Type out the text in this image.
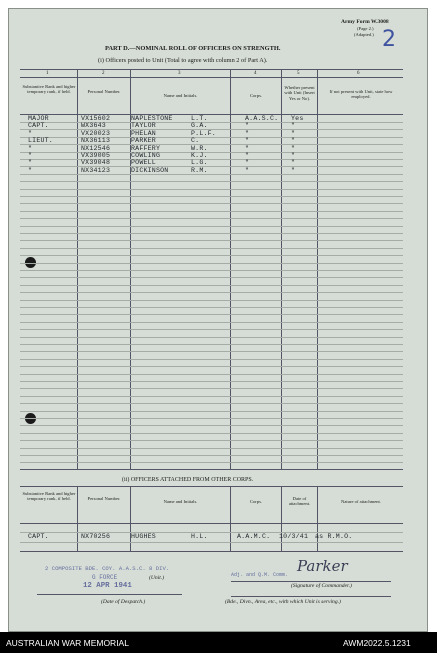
Army Form W.3008
(Page 2.)
(Adapted.) 2
PART D.—NOMINAL ROLL OF OFFICERS ON STRENGTH.
(i) Officers posted to Unit (Total to agree with column 2 of Part A).
1	2	3	4	5	6
Substantive Rank and higher temporary rank, if held.	Personal Number.
Name and Initials.	Corps.
Whether present with Unit (Insert Yes or No).
If not present with Unit, state how employed.
MAJOR	VX15602	NAPLESTONE	L.T.	A.A.S.C. Yes
CAPT.	WX3643	TAYLOR	G.A.	"	"
"	VX20023	PHELAN	P.L.F.	"	"
LIEUT.	NX36113	PARKER	C.	"	"
"	NX12546	RAFFERY	W.R.	"	"
"	VX39005	COWLING	K.J.	"	"
"	VX39048	POWELL	L.G.	"	"
"	NX34123	DICKINSON	R.M.	"	"
(ii) OFFICERS ATTACHED FROM OTHER CORPS.
Substantive Rank and higher temporary rank, if held.	Personal Number.
Name and Initials.	Corps.
Date of attachment.	Nature of attachment.
CAPT.	NX70256	HUGHES	H.L.	A.A.M.C. 10/3/41 as R.M.O.
2 COMPOSITE BDE. COY. A.A.S.C. 8 DIV.
G FORCE	(Unit.)
12 APR 1941
(Date of Despatch.)
Parker
Adj. and Q.M. Comm.
(Signature of Commander.)
(Bde., Divn., Area, etc., with which Unit is serving.)
AUSTRALIAN WAR MEMORIAL	AWM2022.5.1231
